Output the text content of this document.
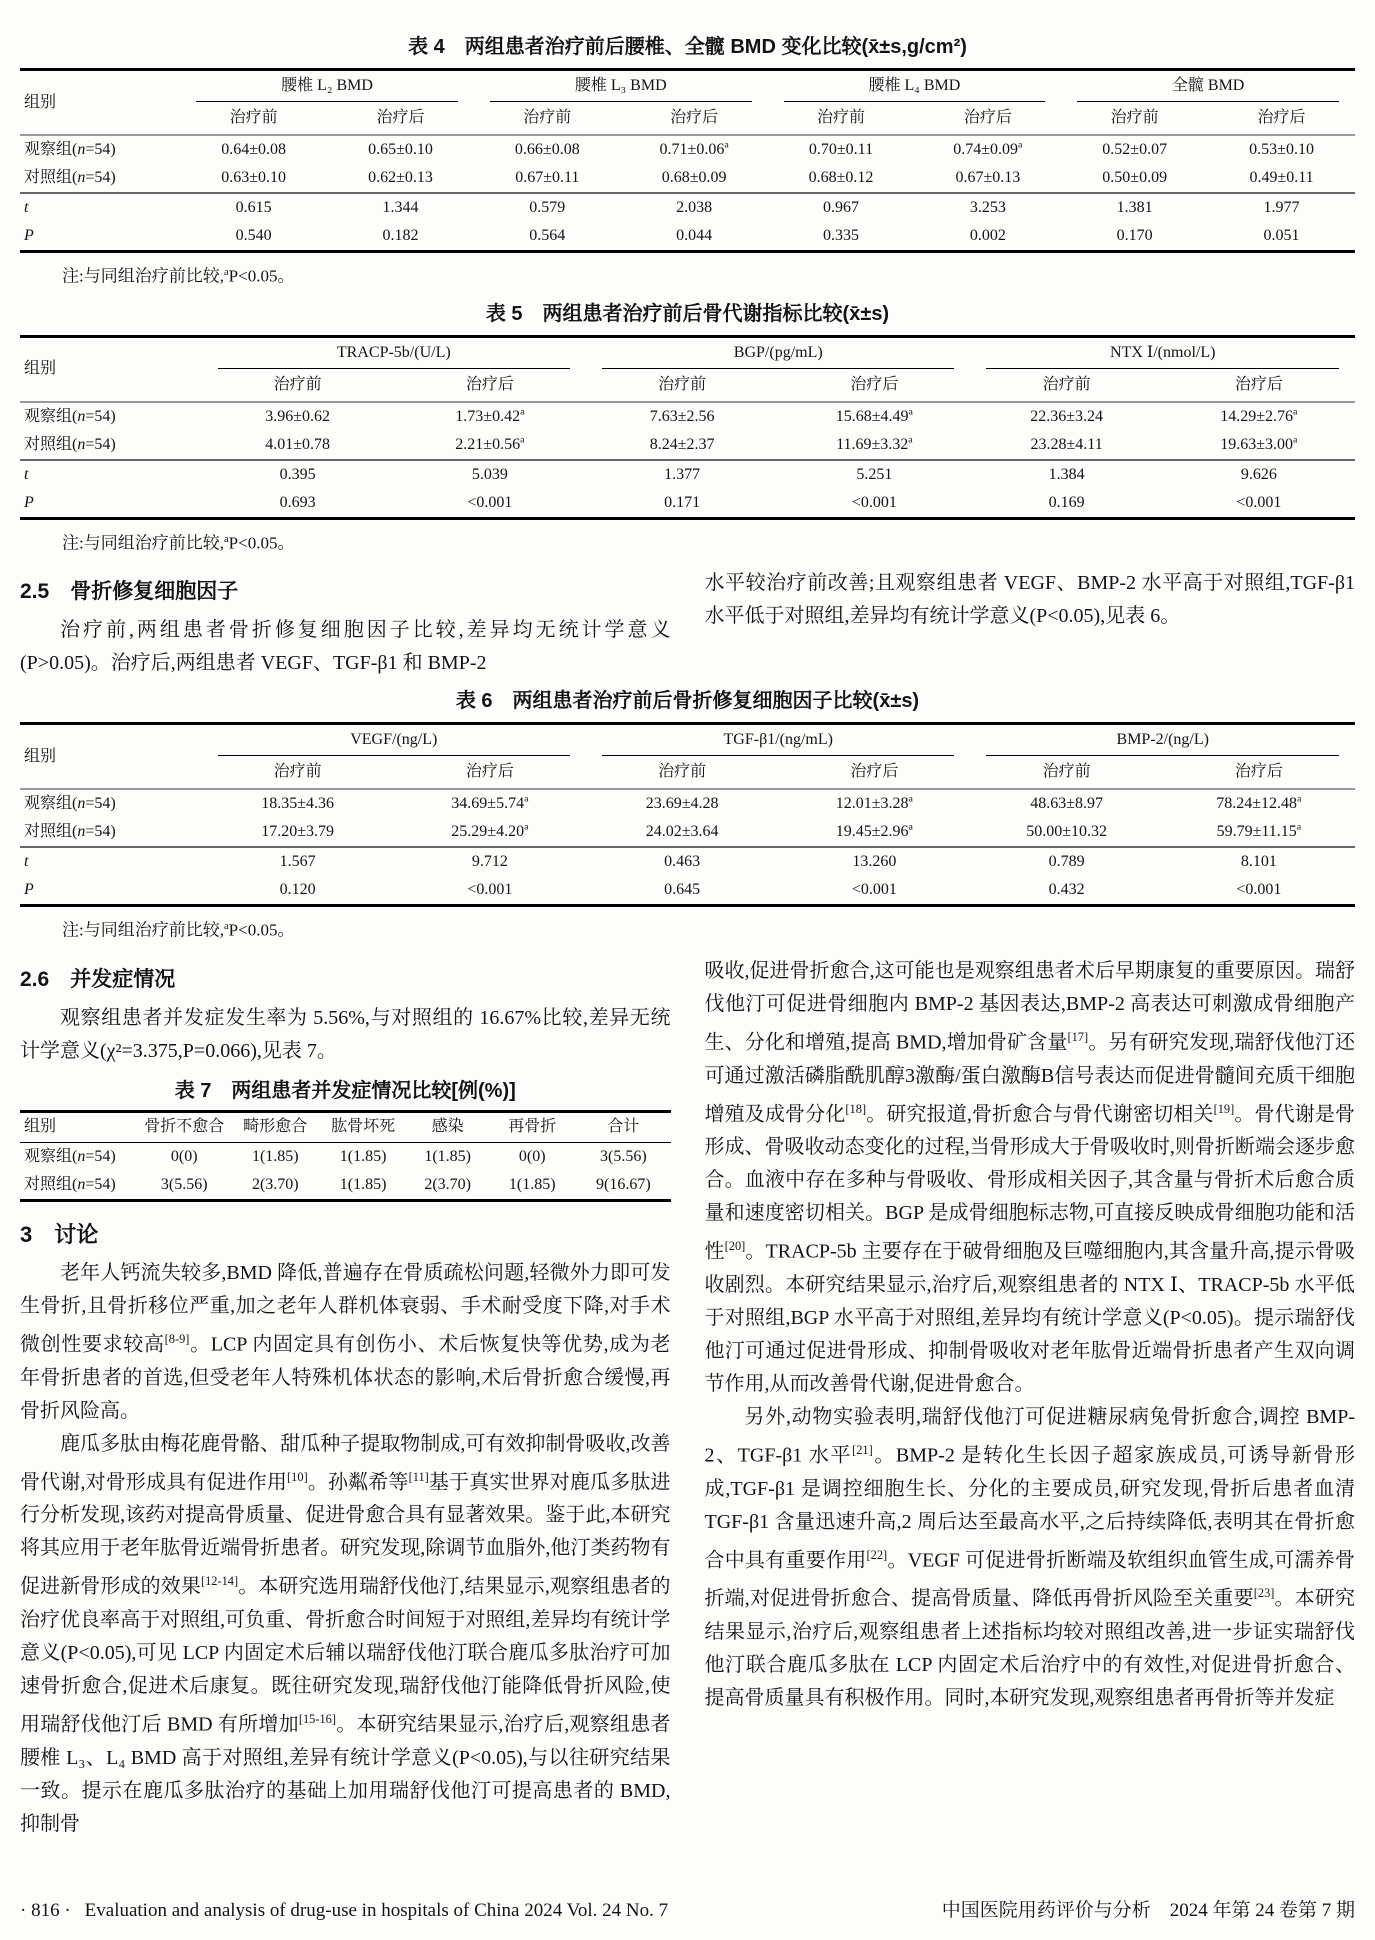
表 4　两组患者治疗前后腰椎、全髋 BMD 变化比较(x̄±s,g/cm²)
组别	腰椎 L₂ BMD		腰椎 L₃ BMD		腰椎 L₄ BMD		全髋 BMD	

	治疗前	治疗后	治疗前	治疗后	治疗前	治疗后	治疗前	治疗后
观察组(n=54)	0.64±0.08	0.65±0.10	0.66±0.08	0.71±0.06$^a$	0.70±0.11	0.74±0.09$^a$	0.52±0.07	0.53±0.10
对照组(n=54)	0.63±0.10	0.62±0.13	0.67±0.11	0.68±0.09	0.68±0.12	0.67±0.13	0.50±0.09	0.49±0.11
t	0.615	1.344	0.579	2.038	0.967	3.253	1.381	1.977
P	0.540	0.182	0.564	0.044	0.335	0.002	0.170	0.051
注:与同组治疗前比较,$^a$P<0.05。
表 5　两组患者治疗前后骨代谢指标比较(x̄±s)
组别	TRACP-5b/(U/L)		BGP/(pg/mL)		NTX Ⅰ/(nmol/L)	

	治疗前	治疗后	治疗前	治疗后	治疗前	治疗后
观察组(n=54)	3.96±0.62	1.73±0.42$^a$	7.63±2.56	15.68±4.49$^a$	22.36±3.24	14.29±2.76$^a$
对照组(n=54)	4.01±0.78	2.21±0.56$^a$	8.24±2.37	11.69±3.32$^a$	23.28±4.11	19.63±3.00$^a$
t	0.395	5.039	1.377	5.251	1.384	9.626
P	0.693	<0.001	0.171	<0.001	0.169	<0.001
注:与同组治疗前比较,$^a$P<0.05。
2.5　骨折修复细胞因子
治疗前,两组患者骨折修复细胞因子比较,差异均无统计学意义(P>0.05)。治疗后,两组患者 VEGF、TGF-β1 和 BMP-2
水平较治疗前改善;且观察组患者 VEGF、BMP-2 水平高于对照组,TGF-β1 水平低于对照组,差异均有统计学意义(P<0.05),见表 6。
表 6　两组患者治疗前后骨折修复细胞因子比较(x̄±s)
组别	VEGF/(ng/L)		TGF-β1/(ng/mL)		BMP-2/(ng/L)	

	治疗前	治疗后	治疗前	治疗后	治疗前	治疗后
观察组(n=54)	18.35±4.36	34.69±5.74$^a$	23.69±4.28	12.01±3.28$^a$	48.63±8.97	78.24±12.48$^a$
对照组(n=54)	17.20±3.79	25.29±4.20$^a$	24.02±3.64	19.45±2.96$^a$	50.00±10.32	59.79±11.15$^a$
t	1.567	9.712	0.463	13.260	0.789	8.101
P	0.120	<0.001	0.645	<0.001	0.432	<0.001
注:与同组治疗前比较,$^a$P<0.05。
2.6　并发症情况
观察组患者并发症发生率为 5.56%,与对照组的 16.67%比较,差异无统计学意义(χ²=3.375,P=0.066),见表 7。
表 7　两组患者并发症情况比较[例(%)]
组别	骨折不愈合	畸形愈合	肱骨坏死	感染	再骨折	合计
观察组(n=54)	0(0)	1(1.85)	1(1.85)	1(1.85)	0(0)	3(5.56)
对照组(n=54)	3(5.56)	2(3.70)	1(1.85)	2(3.70)	1(1.85)	9(16.67)
3　讨论
老年人钙流失较多,BMD 降低,普遍存在骨质疏松问题,轻微外力即可发生骨折,且骨折移位严重,加之老年人群机体衰弱、手术耐受度下降,对手术微创性要求较高[8-9]。LCP 内固定具有创伤小、术后恢复快等优势,成为老年骨折患者的首选,但受老年人特殊机体状态的影响,术后骨折愈合缓慢,再骨折风险高。
鹿瓜多肽由梅花鹿骨骼、甜瓜种子提取物制成,可有效抑制骨吸收,改善骨代谢,对骨形成具有促进作用[10]。孙粼希等[11]基于真实世界对鹿瓜多肽进行分析发现,该药对提高骨质量、促进骨愈合具有显著效果。鉴于此,本研究将其应用于老年肱骨近端骨折患者。研究发现,除调节血脂外,他汀类药物有促进新骨形成的效果[12-14]。本研究选用瑞舒伐他汀,结果显示,观察组患者的治疗优良率高于对照组,可负重、骨折愈合时间短于对照组,差异均有统计学意义(P<0.05),可见 LCP 内固定术后辅以瑞舒伐他汀联合鹿瓜多肽治疗可加速骨折愈合,促进术后康复。既往研究发现,瑞舒伐他汀能降低骨折风险,使用瑞舒伐他汀后 BMD 有所增加[15-16]。本研究结果显示,治疗后,观察组患者腰椎 L₃、L₄ BMD 高于对照组,差异有统计学意义(P<0.05),与以往研究结果一致。提示在鹿瓜多肽治疗的基础上加用瑞舒伐他汀可提高患者的 BMD,抑制骨
吸收,促进骨折愈合,这可能也是观察组患者术后早期康复的重要原因。瑞舒伐他汀可促进骨细胞内 BMP-2 基因表达,BMP-2 高表达可刺激成骨细胞产生、分化和增殖,提高 BMD,增加骨矿含量[17]。另有研究发现,瑞舒伐他汀还可通过激活磷脂酰肌醇3激酶/蛋白激酶B信号表达而促进骨髓间充质干细胞增殖及成骨分化[18]。研究报道,骨折愈合与骨代谢密切相关[19]。骨代谢是骨形成、骨吸收动态变化的过程,当骨形成大于骨吸收时,则骨折断端会逐步愈合。血液中存在多种与骨吸收、骨形成相关因子,其含量与骨折术后愈合质量和速度密切相关。BGP 是成骨细胞标志物,可直接反映成骨细胞功能和活性[20]。TRACP-5b 主要存在于破骨细胞及巨噬细胞内,其含量升高,提示骨吸收剧烈。本研究结果显示,治疗后,观察组患者的 NTX Ⅰ、TRACP-5b 水平低于对照组,BGP 水平高于对照组,差异均有统计学意义(P<0.05)。提示瑞舒伐他汀可通过促进骨形成、抑制骨吸收对老年肱骨近端骨折患者产生双向调节作用,从而改善骨代谢,促进骨愈合。
另外,动物实验表明,瑞舒伐他汀可促进糖尿病兔骨折愈合,调控 BMP-2、TGF-β1 水平[21]。BMP-2 是转化生长因子超家族成员,可诱导新骨形成,TGF-β1 是调控细胞生长、分化的主要成员,研究发现,骨折后患者血清 TGF-β1 含量迅速升高,2 周后达至最高水平,之后持续降低,表明其在骨折愈合中具有重要作用[22]。VEGF 可促进骨折断端及软组织血管生成,可濡养骨折端,对促进骨折愈合、提高骨质量、降低再骨折风险至关重要[23]。本研究结果显示,治疗后,观察组患者上述指标均较对照组改善,进一步证实瑞舒伐他汀联合鹿瓜多肽在 LCP 内固定术后治疗中的有效性,对促进骨折愈合、提高骨质量具有积极作用。同时,本研究发现,观察组患者再骨折等并发症
· 816 · Evaluation and analysis of drug-use in hospitals of China 2024 Vol. 24 No. 7	中国医院用药评价与分析　2024 年第 24 卷第 7 期
